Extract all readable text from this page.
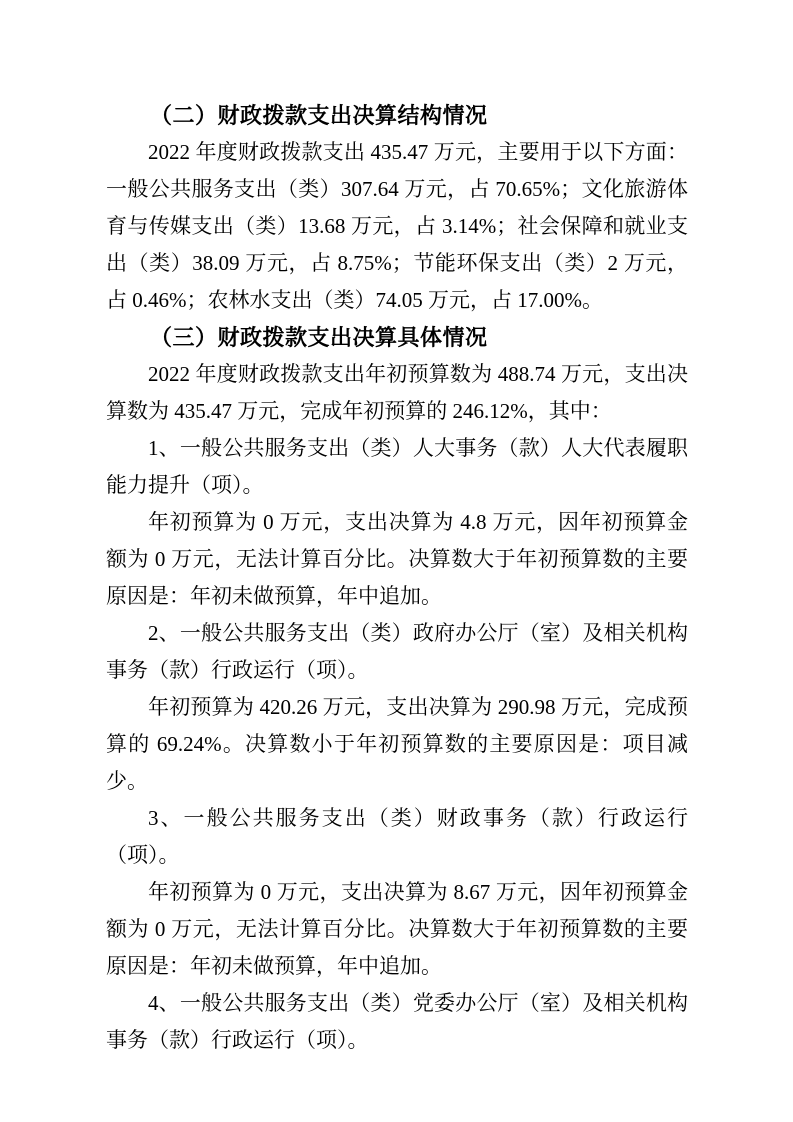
（二）财政拨款支出决算结构情况

2022 年度财政拨款支出 435.47 万元，主要用于以下方面：一般公共服务支出（类）307.64 万元，占 70.65%；文化旅游体育与传媒支出（类）13.68 万元，占 3.14%；社会保障和就业支出（类）38.09 万元，占 8.75%；节能环保支出（类）2 万元，占 0.46%；农林水支出（类）74.05 万元，占 17.00%。

（三）财政拨款支出决算具体情况

2022 年度财政拨款支出年初预算数为 488.74 万元，支出决算数为 435.47 万元，完成年初预算的 246.12%，其中：

1、一般公共服务支出（类）人大事务（款）人大代表履职能力提升（项）。

年初预算为 0 万元，支出决算为 4.8 万元，因年初预算金额为 0 万元，无法计算百分比。决算数大于年初预算数的主要原因是：年初未做预算，年中追加。

2、一般公共服务支出（类）政府办公厅（室）及相关机构事务（款）行政运行（项）。

年初预算为 420.26 万元，支出决算为 290.98 万元，完成预算的 69.24%。决算数小于年初预算数的主要原因是：项目减少。

3、一般公共服务支出（类）财政事务（款）行政运行（项）。

年初预算为 0 万元，支出决算为 8.67 万元，因年初预算金额为 0 万元，无法计算百分比。决算数大于年初预算数的主要原因是：年初未做预算，年中追加。

4、一般公共服务支出（类）党委办公厅（室）及相关机构事务（款）行政运行（项）。
